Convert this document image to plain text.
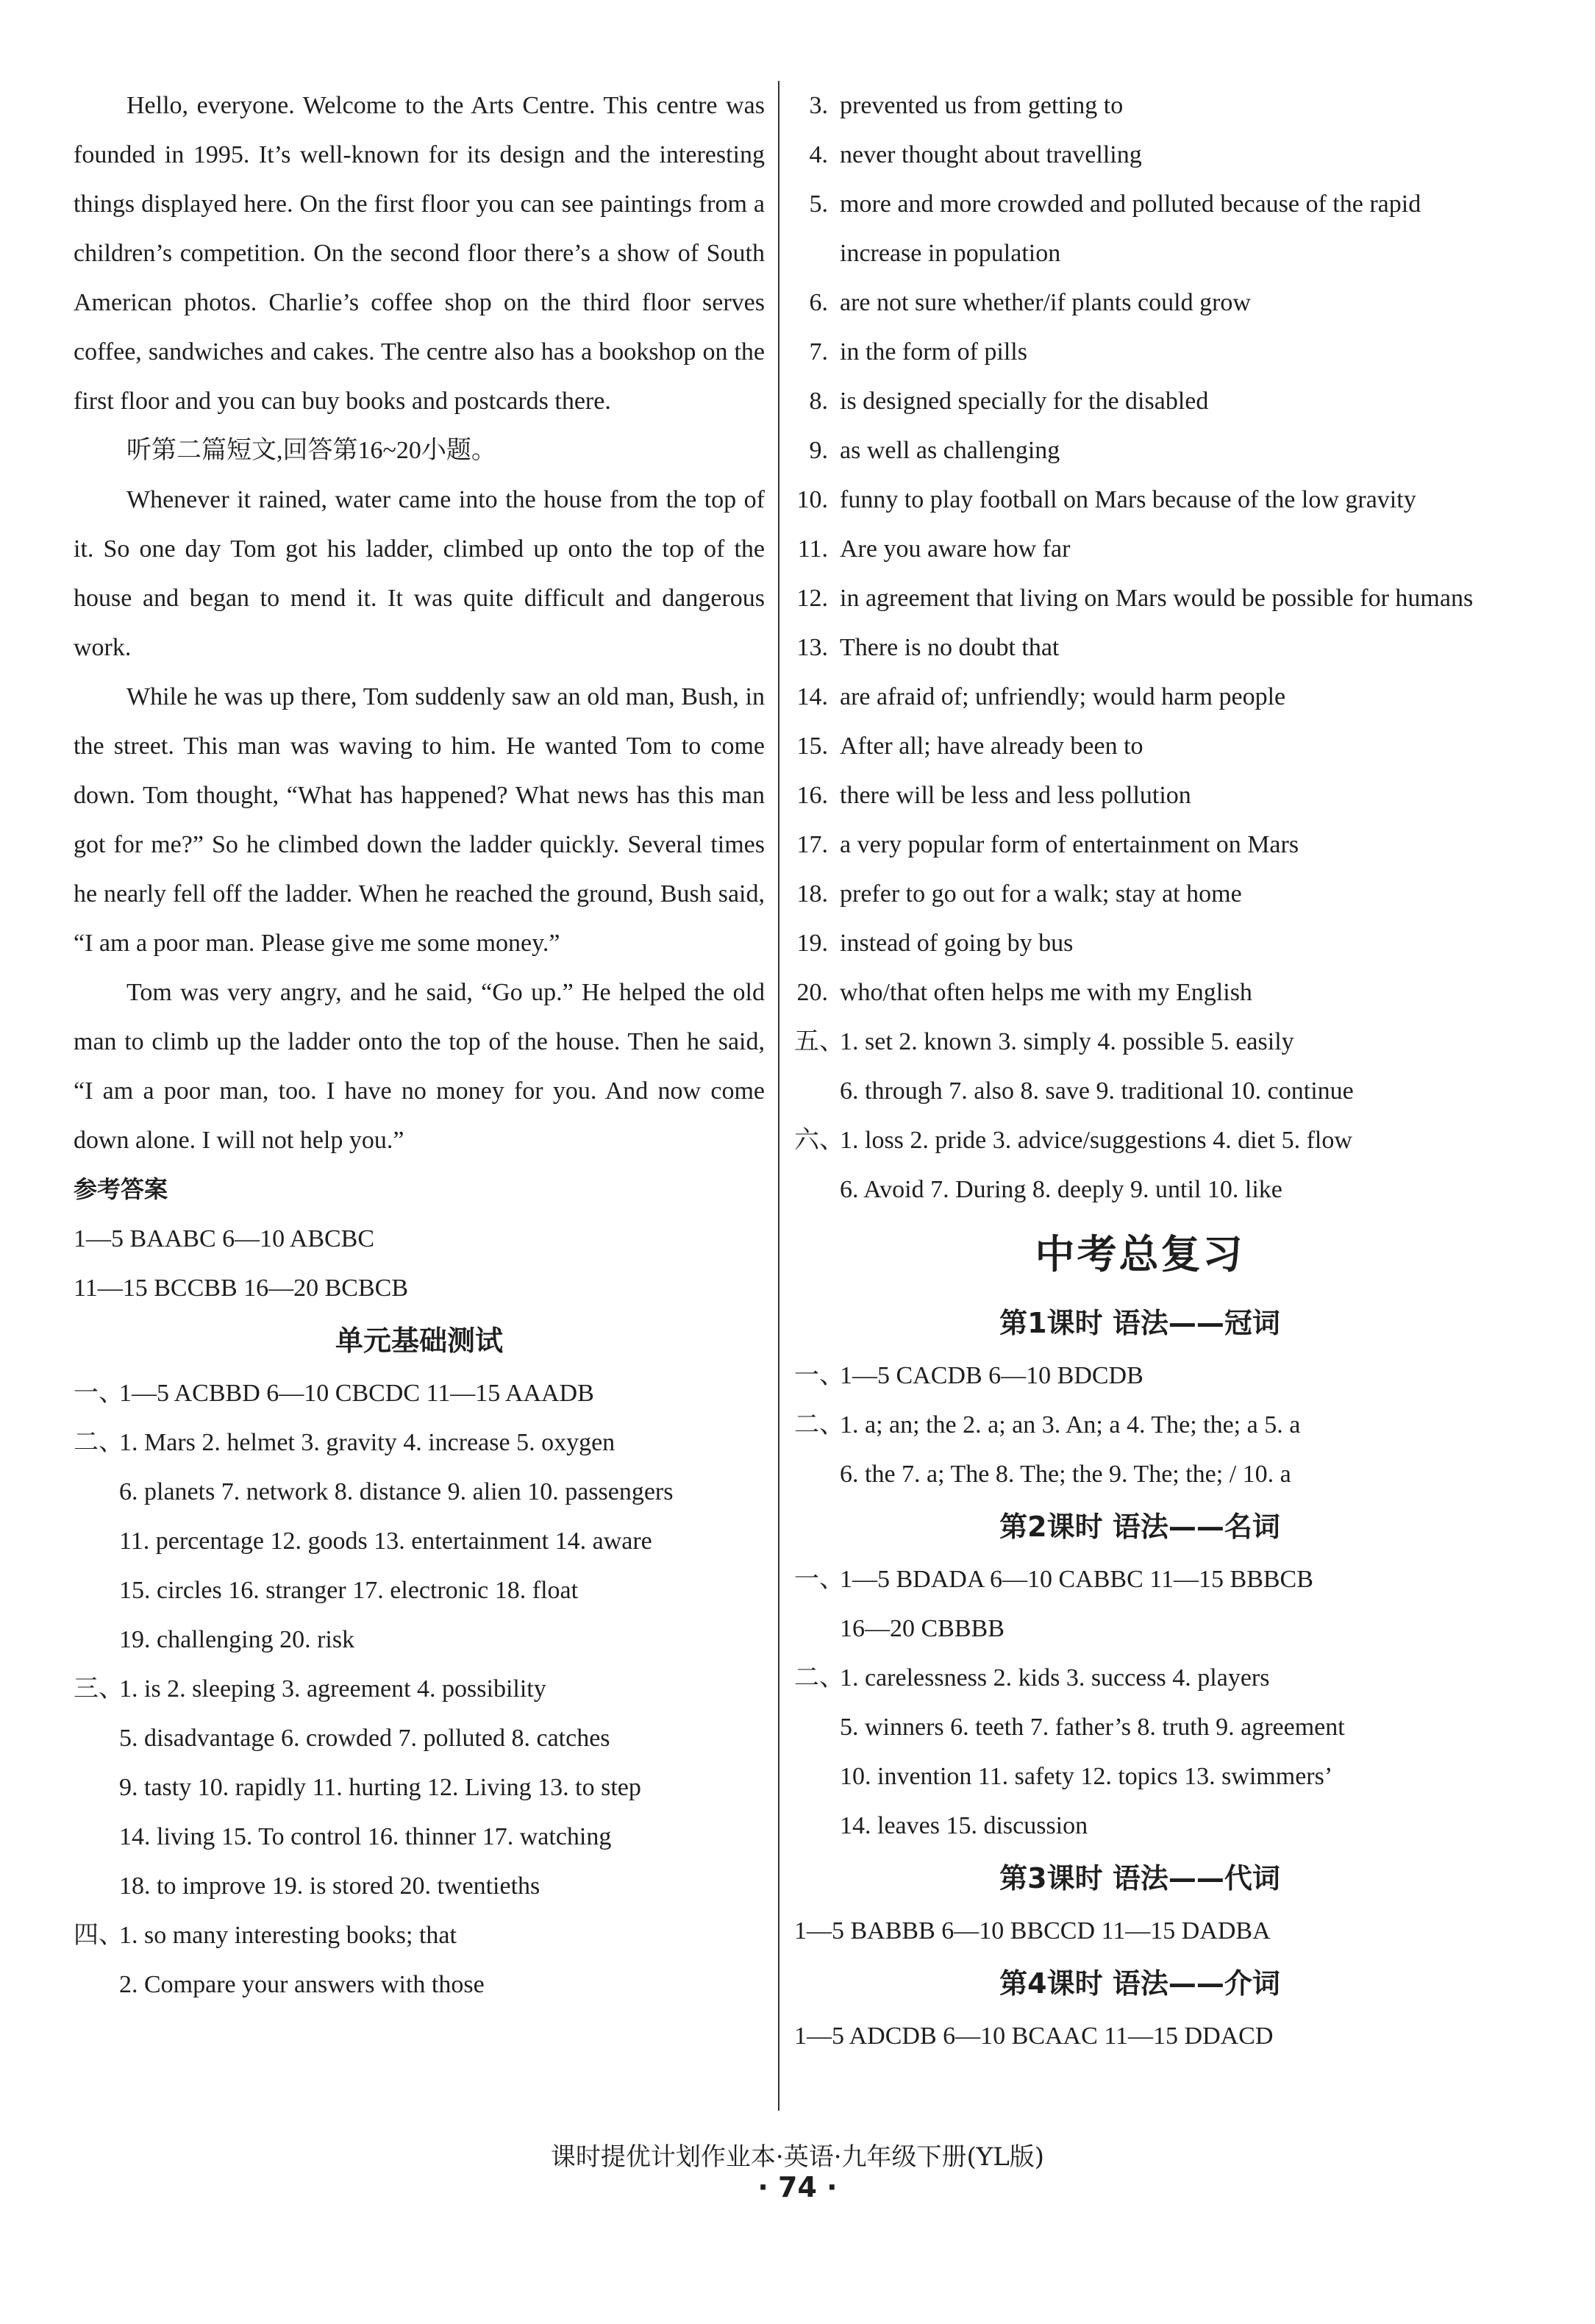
Hello, everyone. Welcome to the Arts Centre. This centre was founded in 1995. It’s well-known for its design and the interesting things displayed here. On the first floor you can see paintings from a children’s competition. On the second floor there’s a show of South American photos. Charlie’s coffee shop on the third floor serves coffee, sandwiches and cakes. The centre also has a bookshop on the first floor and you can buy books and postcards there.

听第二篇短文,回答第16~20小题。

Whenever it rained, water came into the house from the top of it. So one day Tom got his ladder, climbed up onto the top of the house and began to mend it. It was quite difficult and dangerous work.

While he was up there, Tom suddenly saw an old man, Bush, in the street. This man was waving to him. He wanted Tom to come down. Tom thought, “What has happened? What news has this man got for me?” So he climbed down the ladder quickly. Several times he nearly fell off the ladder. When he reached the ground, Bush said, “I am a poor man. Please give me some money.”

Tom was very angry, and he said, “Go up.” He helped the old man to climb up the ladder onto the top of the house. Then he said, “I am a poor man, too. I have no money for you. And now come down alone. I will not help you.”

参考答案

1—5 BAABC 6—10 ABCBC

11—15 BCCBB 16—20 BCBCB

单元基础测试

一、
1—5 ACBBD 6—10 CBCDC 11—15 AAADB
二、
1. Mars 2. helmet 3. gravity 4. increase 5. oxygen

6. planets 7. network 8. distance 9. alien 10. passengers

11. percentage 12. goods 13. entertainment 14. aware

15. circles 16. stranger 17. electronic 18. float

19. challenging 20. risk

三、
1. is 2. sleeping 3. agreement 4. possibility

5. disadvantage 6. crowded 7. polluted 8. catches

9. tasty 10. rapidly 11. hurting 12. Living 13. to step

14. living 15. To control 16. thinner 17. watching

18. to improve 19. is stored 20. twentieths

四、
1. so many interesting books; that

2. Compare your answers with those

3. prevented us from getting to
4. never thought about travelling
5. more and more crowded and polluted because of the rapid increase in population
6. are not sure whether/if plants could grow
7. in the form of pills
8. is designed specially for the disabled
9. as well as challenging
10. funny to play football on Mars because of the low gravity
11. Are you aware how far
12. in agreement that living on Mars would be possible for humans
13. There is no doubt that
14. are afraid of; unfriendly; would harm people
15. After all; have already been to
16. there will be less and less pollution
17. a very popular form of entertainment on Mars
18. prefer to go out for a walk; stay at home
19. instead of going by bus
20. who/that often helps me with my English
五、
1. set 2. known 3. simply 4. possible 5. easily

6. through 7. also 8. save 9. traditional 10. continue

六、
1. loss 2. pride 3. advice/suggestions 4. diet 5. flow

6. Avoid 7. During 8. deeply 9. until 10. like

中考总复习

第1课时 语法——冠词

一、
1—5 CACDB 6—10 BDCDB
二、
1. a; an; the 2. a; an 3. An; a 4. The; the; a 5. a

6. the 7. a; The 8. The; the 9. The; the; / 10. a

第2课时 语法——名词

一、
1—5 BDADA 6—10 CABBC 11—15 BBBCB

16—20 CBBBB

二、
1. carelessness 2. kids 3. success 4. players

5. winners 6. teeth 7. father’s 8. truth 9. agreement

10. invention 11. safety 12. topics 13. swimmers’

14. leaves 15. discussion

第3课时 语法——代词

1—5 BABBB 6—10 BBCCD 11—15 DADBA

第4课时 语法——介词

1—5 ADCDB 6—10 BCAAC 11—15 DDACD

课时提优计划作业本·英语·九年级下册(YL版)
· 74 ·
